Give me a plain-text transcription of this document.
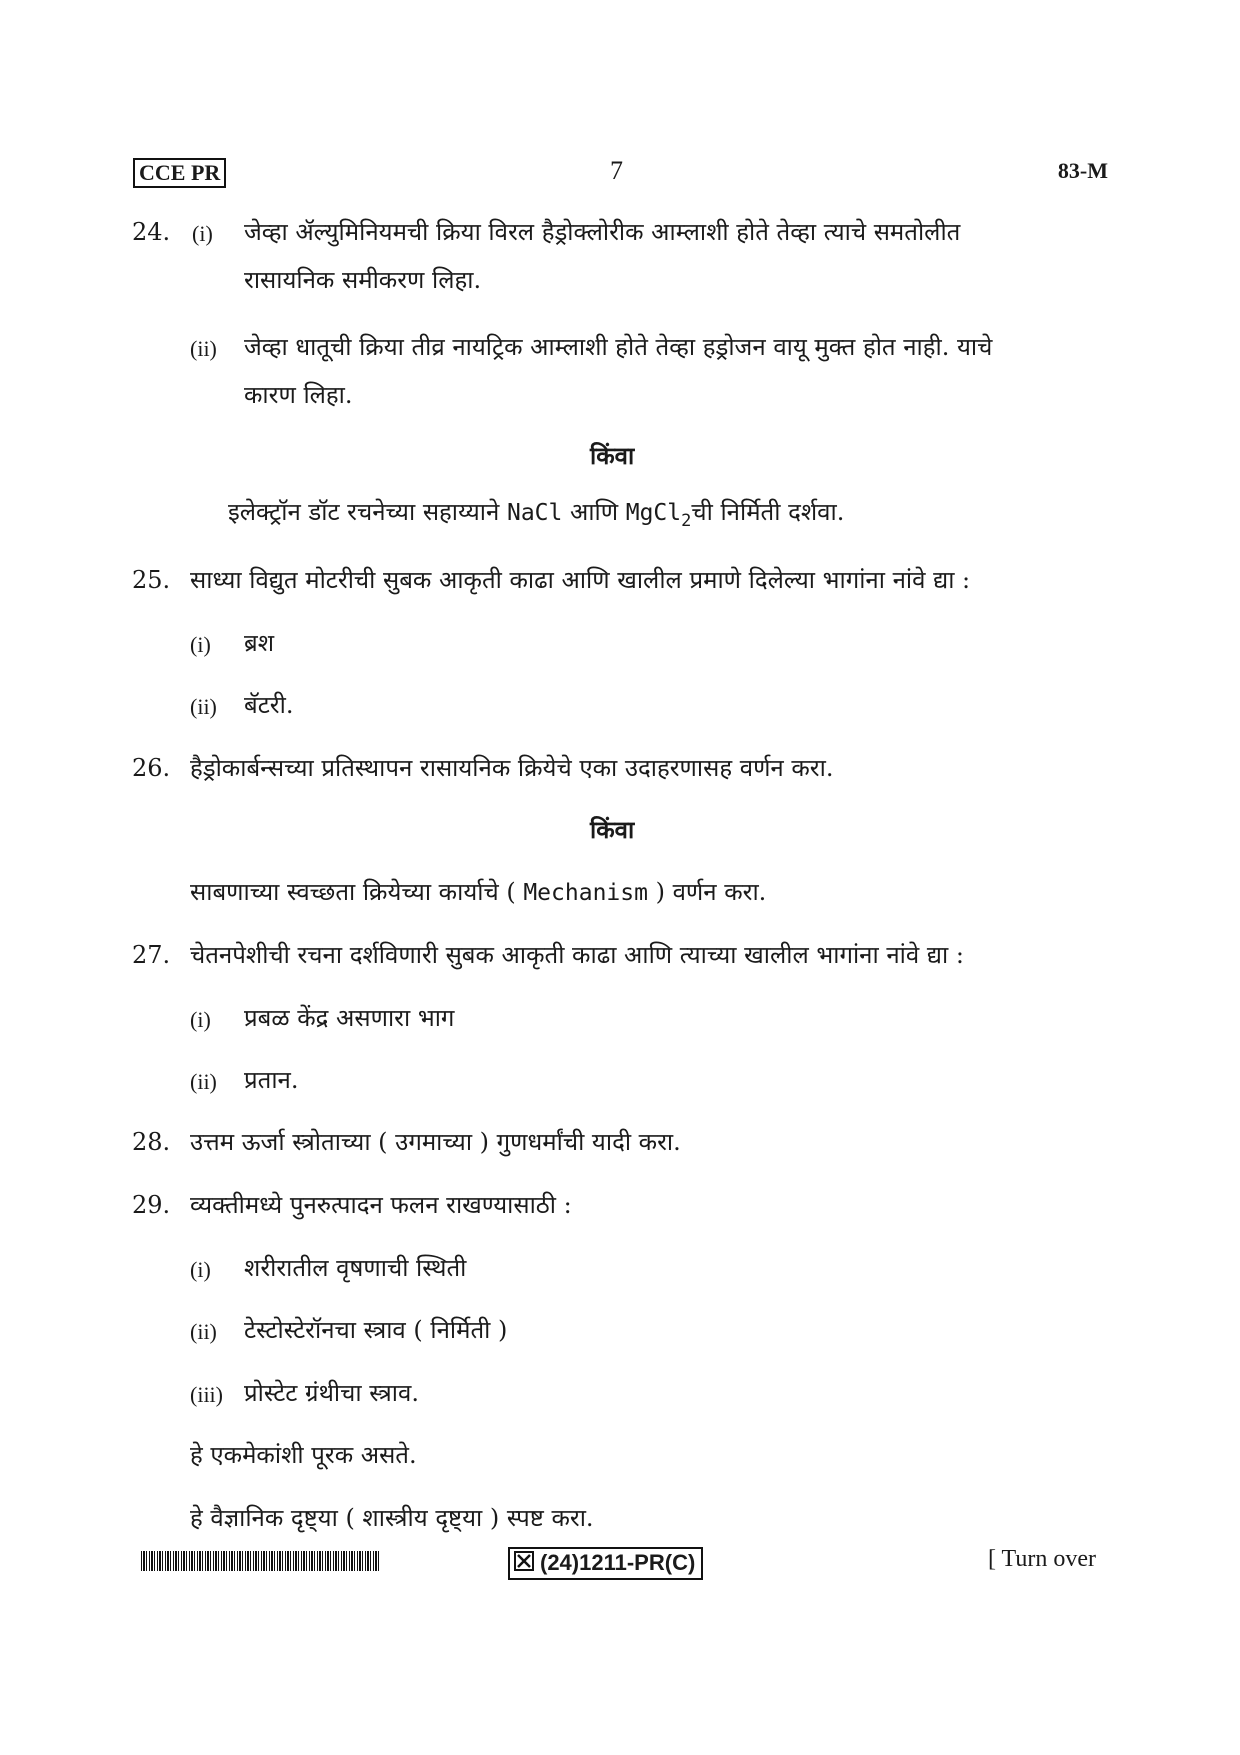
CCE PR	7	83-M
24. (i) जेव्हा ॲल्युमिनियमची क्रिया विरल हैड्रोक्लोरीक आम्लाशी होते तेव्हा त्याचे समतोलीत
रासायनिक समीकरण लिहा.
(ii) जेव्हा धातूची क्रिया तीव्र नायट्रिक आम्लाशी होते तेव्हा हड्रोजन वायू मुक्त होत नाही. याचे
कारण लिहा.
किंवा
इलेक्ट्रॉन डॉट रचनेच्या सहाय्याने NaCl आणि MgCl$_2$ची निर्मिती दर्शवा.
25. साध्या विद्युत मोटरीची सुबक आकृती काढा आणि खालील प्रमाणे दिलेल्या भागांना नांवे द्या :
(i) ब्रश
(ii) बॅटरी.
26. हैड्रोकार्बन्सच्या प्रतिस्थापन रासायनिक क्रियेचे एका उदाहरणासह वर्णन करा.
किंवा
साबणाच्या स्वच्छता क्रियेच्या कार्याचे ( Mechanism ) वर्णन करा.
27. चेतनपेशीची रचना दर्शविणारी सुबक आकृती काढा आणि त्याच्या खालील भागांना नांवे द्या :
(i) प्रबळ केंद्र असणारा भाग
(ii) प्रतान.
28. उत्तम ऊर्जा स्त्रोताच्या ( उगमाच्या ) गुणधर्मांची यादी करा.
29. व्यक्तीमध्ये पुनरुत्पादन फलन राखण्यासाठी :
(i) शरीरातील वृषणाची स्थिती
(ii) टेस्टोस्टेरॉनचा स्त्राव ( निर्मिती )
(iii) प्रोस्टेट ग्रंथीचा स्त्राव.
हे एकमेकांशी पूरक असते.
हे वैज्ञानिक दृष्ट्या ( शास्त्रीय दृष्ट्या ) स्पष्ट करा.
(24)1211-PR(C)	[ Turn over
